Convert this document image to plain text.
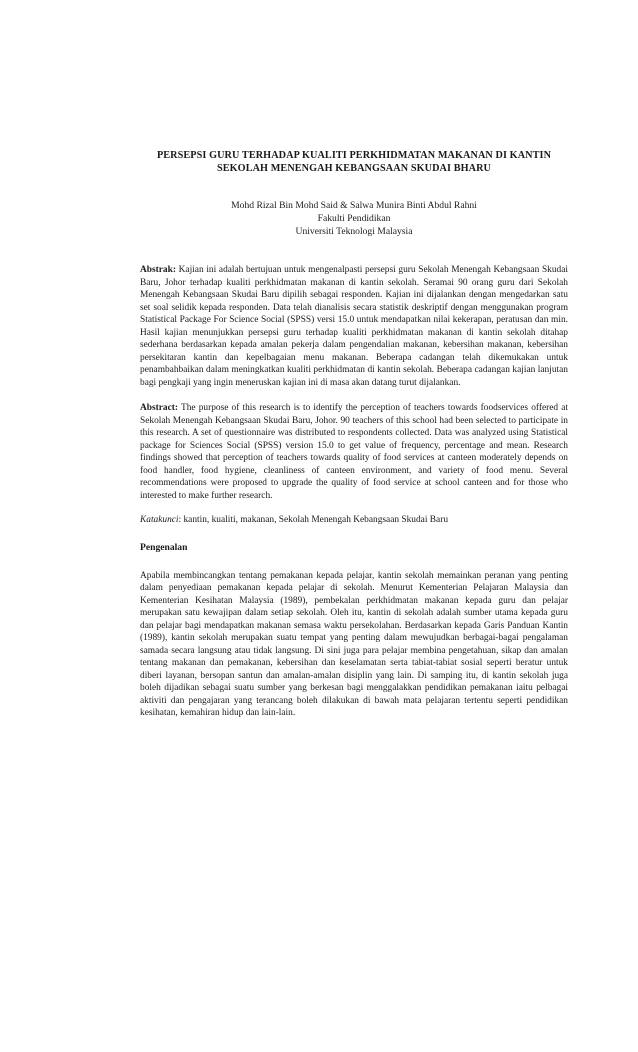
PERSEPSI GURU TERHADAP KUALITI PERKHIDMATAN MAKANAN DI KANTIN
SEKOLAH MENENGAH KEBANGSAAN SKUDAI BHARU
Mohd Rizal Bin Mohd Said & Salwa Munira Binti Abdul Rahni
Fakulti Pendidikan
Universiti Teknologi Malaysia

Abstrak: Kajian ini adalah bertujuan untuk mengenalpasti persepsi guru Sekolah Menengah Kebangsaan Skudai Baru, Johor terhadap kualiti perkhidmatan makanan di kantin sekolah. Seramai 90 orang guru dari Sekolah Menengah Kebangsaan Skudai Baru dipilih sebagai responden. Kajian ini dijalankan dengan mengedarkan satu set soal selidik kepada responden. Data telah dianalisis secara statistik deskriptif dengan menggunakan program Statistical Package For Science Social (SPSS) versi 15.0 untuk mendapatkan nilai kekerapan, peratusan dan min. Hasil kajian menunjukkan persepsi guru terhadap kualiti perkhidmatan makanan di kantin sekolah ditahap sederhana berdasarkan kepada amalan pekerja dalam pengendalian makanan, kebersihan makanan, kebersihan persekitaran kantin dan kepelbagaian menu makanan. Beberapa cadangan telah dikemukakan untuk penambahbaikan dalam meningkatkan kualiti perkhidmatan di kantin sekolah. Beberapa cadangan kajian lanjutan bagi pengkaji yang ingin meneruskan kajian ini di masa akan datang turut dijalankan.

Abstract: The purpose of this research is to identify the perception of teachers towards foodservices offered at Sekolah Menengah Kebangsaan Skudai Baru, Johor. 90 teachers of this school had been selected to participate in this research. A set of questionnaire was distributed to respondents collected. Data was analyzed using Statistical package for Sciences Social (SPSS) version 15.0 to get value of frequency, percentage and mean. Research findings showed that perception of teachers towards quality of food services at canteen moderately depends on food handler, food hygiene, cleanliness of canteen environment, and variety of food menu. Several recommendations were proposed to upgrade the quality of food service at school canteen and for those who interested to make further research.

Katakunci: kantin, kualiti, makanan, Sekolah Menengah Kebangsaan Skudai Baru

Pengenalan

Apabila membincangkan tentang pemakanan kepada pelajar, kantin sekolah memainkan peranan yang penting dalam penyediaan pemakanan kepada pelajar di sekolah. Menurut Kementerian Pelajaran Malaysia dan Kementerian Kesihatan Malaysia (1989), pembekalan perkhidmatan makanan kepada guru dan pelajar merupakan satu kewajipan dalam setiap sekolah. Oleh itu, kantin di sekolah adalah sumber utama kepada guru dan pelajar bagi mendapatkan makanan semasa waktu persekolahan. Berdasarkan kepada Garis Panduan Kantin (1989), kantin sekolah merupakan suatu tempat yang penting dalam mewujudkan berbagai-bagai pengalaman samada secara langsung atau tidak langsung. Di sini juga para pelajar membina pengetahuan, sikap dan amalan tentang makanan dan pemakanan, kebersihan dan keselamatan serta tabiat-tabiat sosial seperti beratur untuk diberi layanan, bersopan santun dan amalan-amalan disiplin yang lain. Di samping itu, di kantin sekolah juga boleh dijadikan sebagai suatu sumber yang berkesan bagi menggalakkan pendidikan pemakanan iaitu pelbagai aktiviti dan pengajaran yang terancang boleh dilakukan di bawah mata pelajaran tertentu seperti pendidikan kesihatan, kemahiran hidup dan lain-lain.
